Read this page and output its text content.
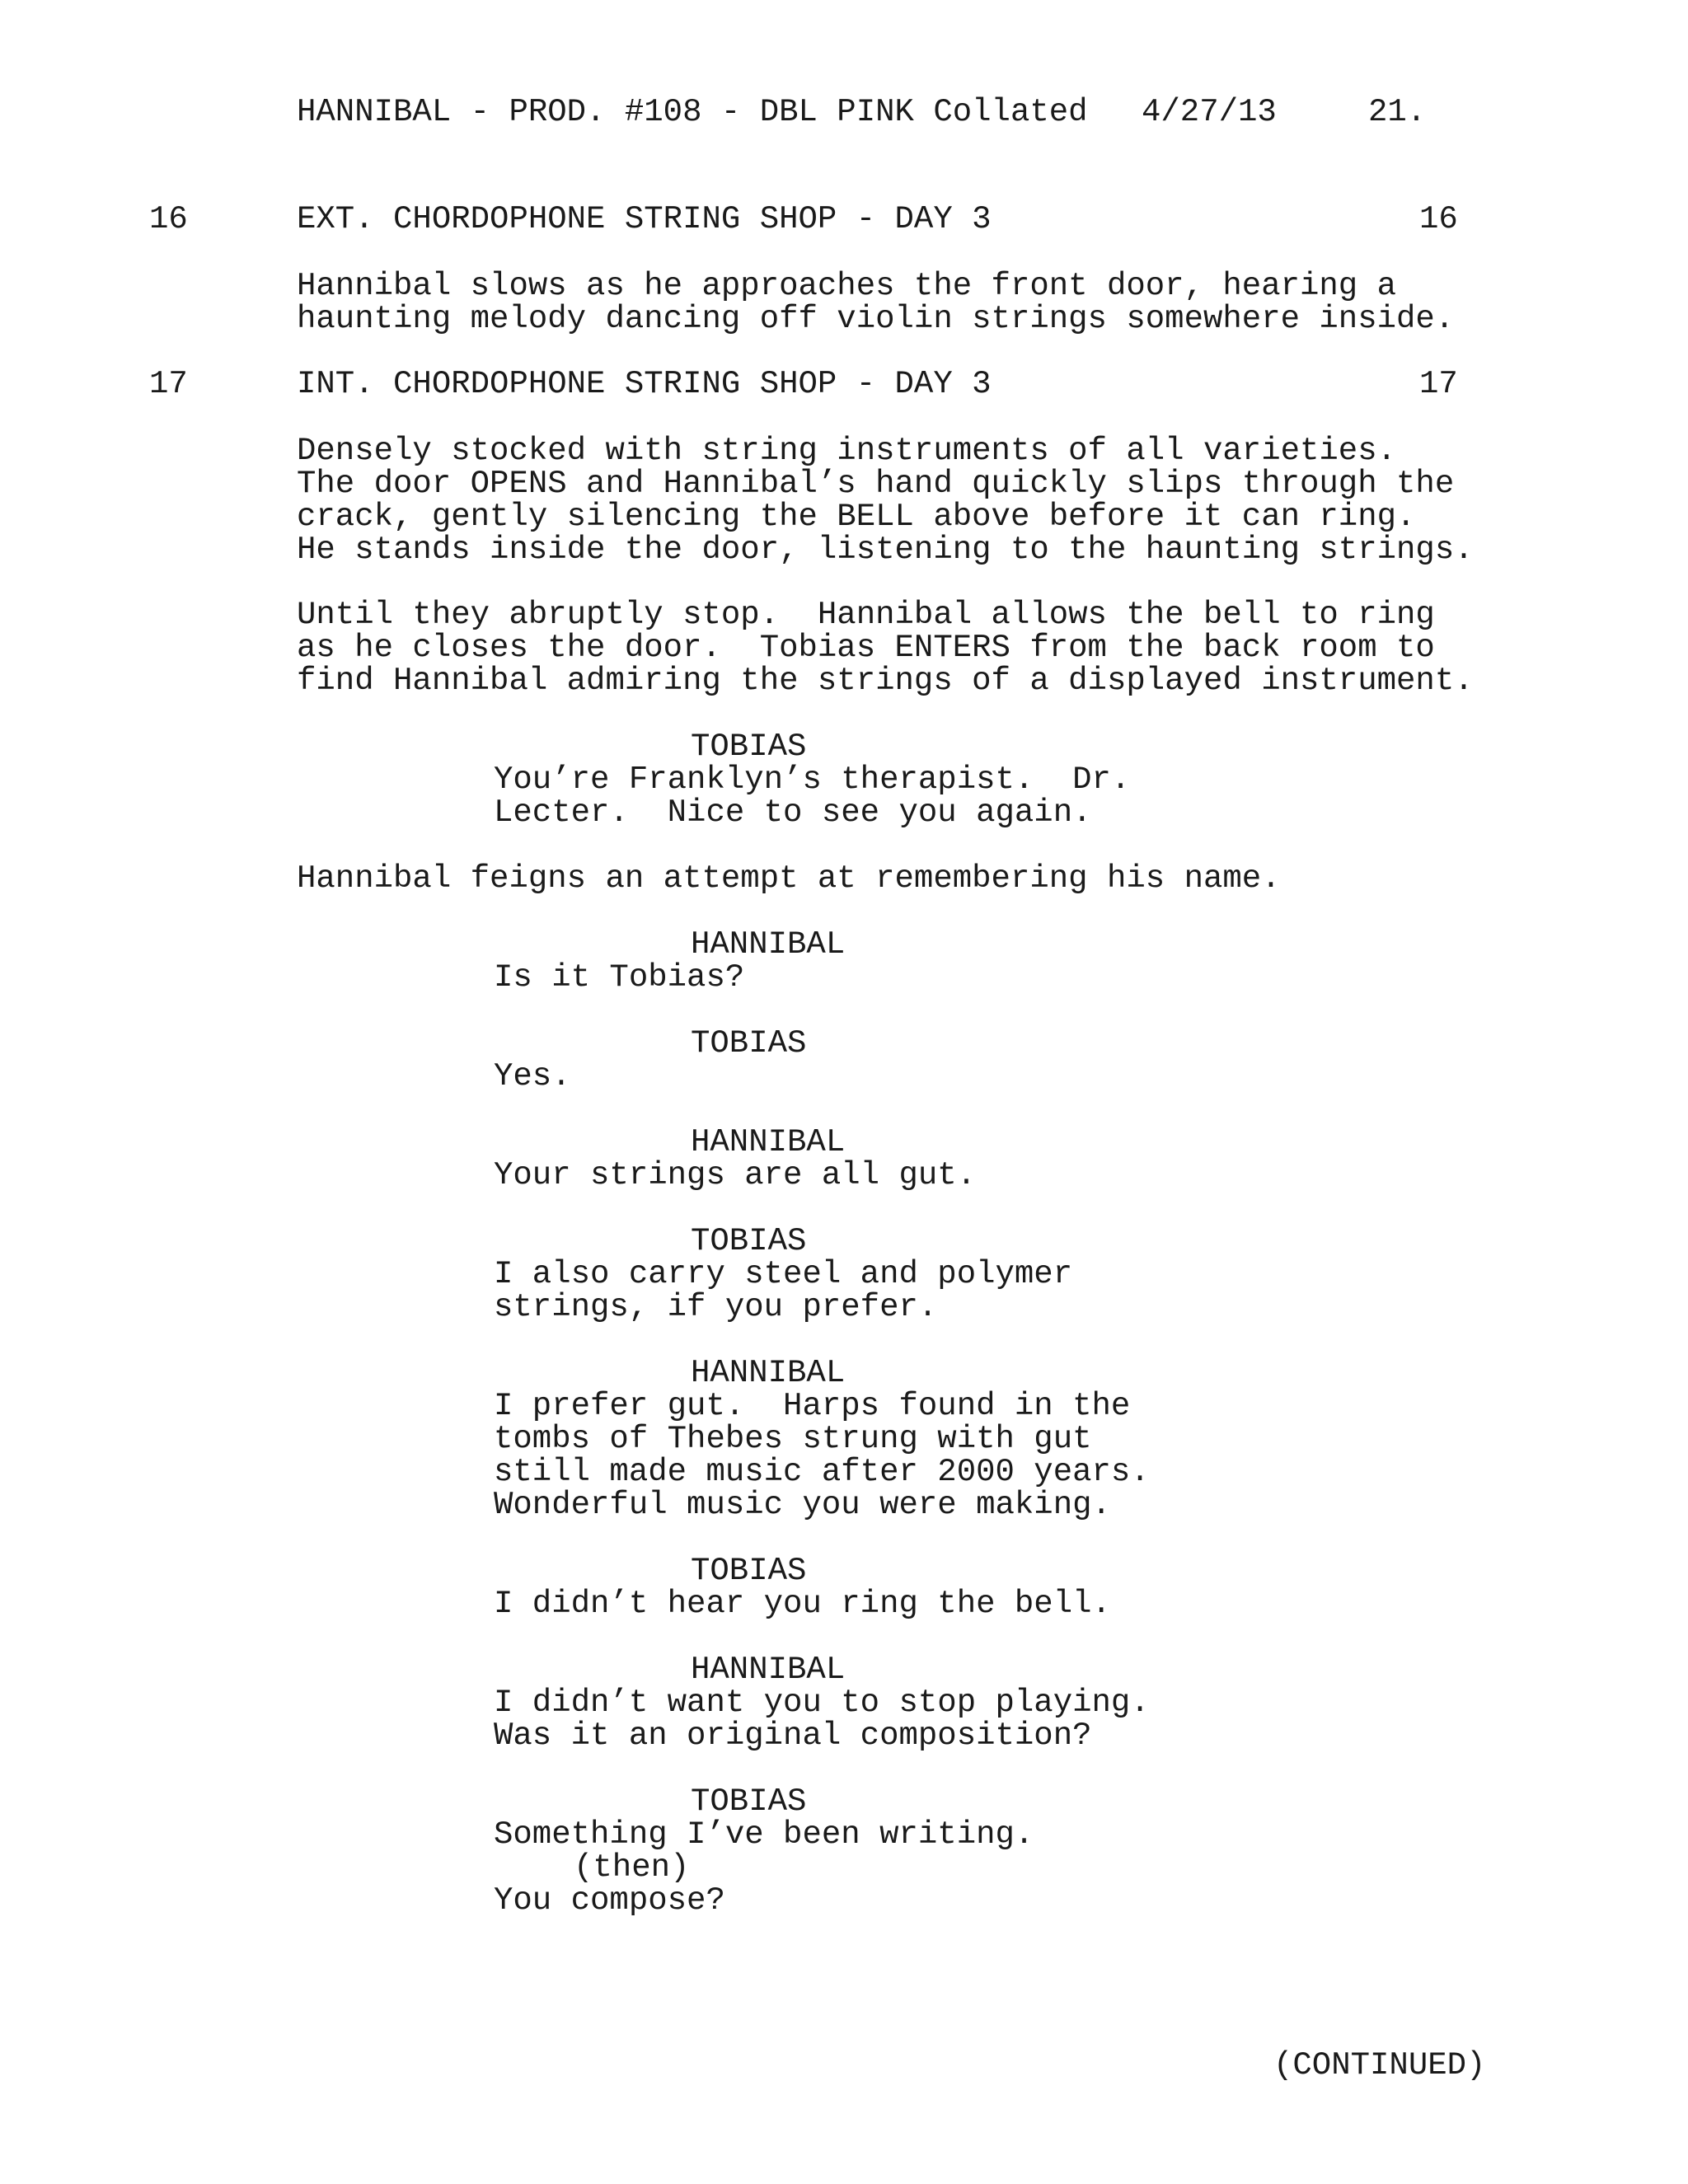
HANNIBAL - PROD. #108 - DBL PINK Collated 4/27/13	21.
16	EXT. CHORDOPHONE STRING SHOP - DAY 3	16
Hannibal slows as he approaches the front door, hearing a
haunting melody dancing off violin strings somewhere inside.
17	INT. CHORDOPHONE STRING SHOP - DAY 3	17
Densely stocked with string instruments of all varieties.
The door OPENS and Hannibal’s hand quickly slips through the
crack, gently silencing the BELL above before it can ring.
He stands inside the door, listening to the haunting strings.
Until they abruptly stop.  Hannibal allows the bell to ring
as he closes the door.  Tobias ENTERS from the back room to
find Hannibal admiring the strings of a displayed instrument.
TOBIAS
You’re Franklyn’s therapist.  Dr.
Lecter.  Nice to see you again.
Hannibal feigns an attempt at remembering his name.
HANNIBAL
Is it Tobias?
TOBIAS
Yes.
HANNIBAL
Your strings are all gut.
TOBIAS
I also carry steel and polymer
strings, if you prefer.
HANNIBAL
I prefer gut.  Harps found in the
tombs of Thebes strung with gut
still made music after 2000 years.
Wonderful music you were making.
TOBIAS
I didn’t hear you ring the bell.
HANNIBAL
I didn’t want you to stop playing.
Was it an original composition?
TOBIAS
Something I’ve been writing.
(then)
You compose?
(CONTINUED)
